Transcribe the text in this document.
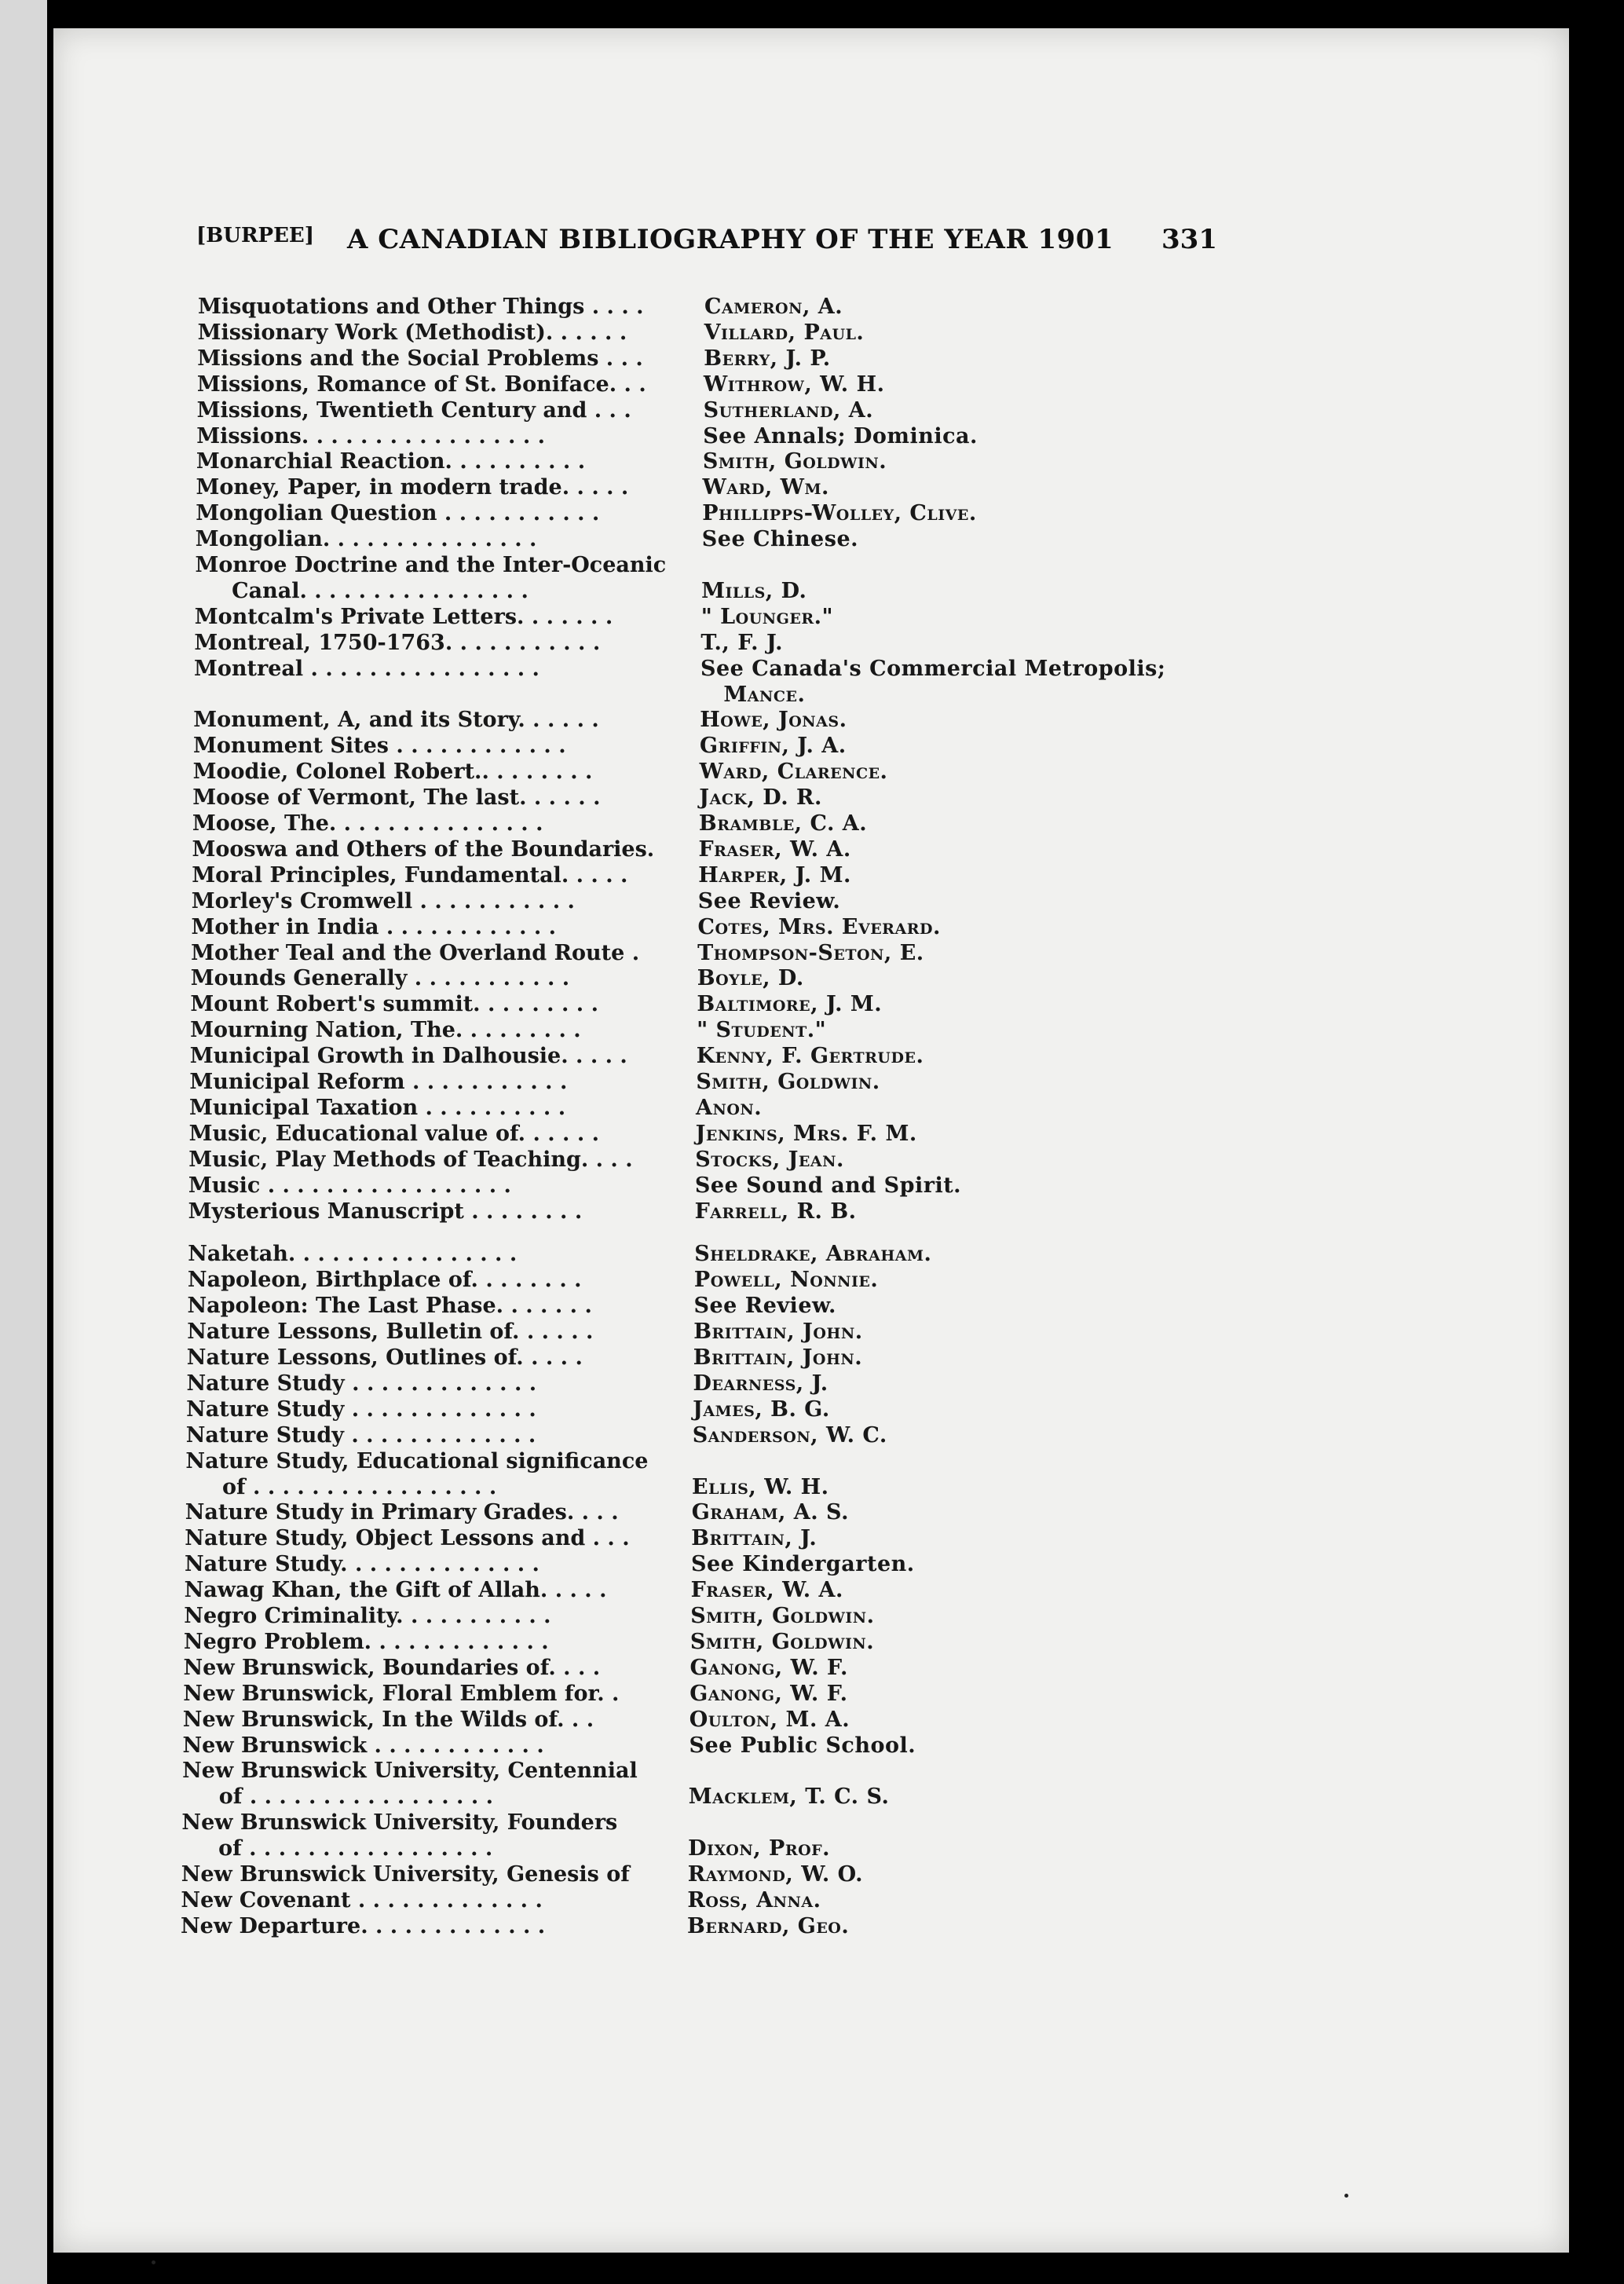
[BURPEE] A CANADIAN BIBLIOGRAPHY OF THE YEAR 1901 331
Misquotations and Other Things . . . .	Cameron, A.
Missionary Work (Methodist). . . . . .	Villard, Paul.
Missions and the Social Problems . . .	Berry, J. P.
Missions, Romance of St. Boniface. . .	Withrow, W. H.
Missions, Twentieth Century and . . .	Sutherland, A.
Missions. . . . . . . . . . . . . . . . .	See Annals; Dominica.
Monarchial Reaction. . . . . . . . . .	Smith, Goldwin.
Money, Paper, in modern trade. . . . .	Ward, Wm.
Mongolian Question . . . . . . . . . . .	Phillipps-Wolley, Clive.
Mongolian. . . . . . . . . . . . . . .	See Chinese.
Monroe Doctrine and the Inter-Oceanic
Canal. . . . . . . . . . . . . . . .	Mills, D.
Montcalm's Private Letters. . . . . . .	" Lounger."
Montreal, 1750-1763. . . . . . . . . . .	T., F. J.
Montreal . . . . . . . . . . . . . . . .	See Canada's Commercial Metropolis;
Mance.
Monument, A, and its Story. . . . . .	Howe, Jonas.
Monument Sites . . . . . . . . . . . .	Griffin, J. A.
Moodie, Colonel Robert.. . . . . . . .	Ward, Clarence.
Moose of Vermont, The last. . . . . .	Jack, D. R.
Moose, The. . . . . . . . . . . . . . .	Bramble, C. A.
Mooswa and Others of the Boundaries. Fraser, W. A.
Moral Principles, Fundamental. . . . .	Harper, J. M.
Morley's Cromwell . . . . . . . . . . .	See Review.
Mother in India . . . . . . . . . . . .	Cotes, Mrs. Everard.
Mother Teal and the Overland Route .	Thompson-Seton, E.
Mounds Generally . . . . . . . . . . .	Boyle, D.
Mount Robert's summit. . . . . . . . .	Baltimore, J. M.
Mourning Nation, The. . . . . . . . .	" Student."
Municipal Growth in Dalhousie. . . . .	Kenny, F. Gertrude.
Municipal Reform . . . . . . . . . . .	Smith, Goldwin.
Municipal Taxation . . . . . . . . . .	Anon.
Music, Educational value of. . . . . .	Jenkins, Mrs. F. M.
Music, Play Methods of Teaching. . . .	Stocks, Jean.
Music . . . . . . . . . . . . . . . . .	See Sound and Spirit.
Mysterious Manuscript . . . . . . . .	Farrell, R. B.
Naketah. . . . . . . . . . . . . . . .	Sheldrake, Abraham.
Napoleon, Birthplace of. . . . . . . .	Powell, Nonnie.
Napoleon: The Last Phase. . . . . . .	See Review.
Nature Lessons, Bulletin of. . . . . .	Brittain, John.
Nature Lessons, Outlines of. . . . .	Brittain, John.
Nature Study . . . . . . . . . . . . .	Dearness, J.
Nature Study . . . . . . . . . . . . .	James, B. G.
Nature Study . . . . . . . . . . . . .	Sanderson, W. C.
Nature Study, Educational significance
of . . . . . . . . . . . . . . . . .	Ellis, W. H.
Nature Study in Primary Grades. . . .	Graham, A. S.
Nature Study, Object Lessons and . . .	Brittain, J.
Nature Study. . . . . . . . . . . . . .	See Kindergarten.
Nawag Khan, the Gift of Allah. . . . .	Fraser, W. A.
Negro Criminality. . . . . . . . . . .	Smith, Goldwin.
Negro Problem. . . . . . . . . . . . .	Smith, Goldwin.
New Brunswick, Boundaries of. . . .	Ganong, W. F.
New Brunswick, Floral Emblem for. .	Ganong, W. F.
New Brunswick, In the Wilds of. . .	Oulton, M. A.
New Brunswick . . . . . . . . . . . .	See Public School.
New Brunswick University, Centennial
of . . . . . . . . . . . . . . . . .	Macklem, T. C. S.
New Brunswick University, Founders
of . . . . . . . . . . . . . . . . .	Dixon, Prof.
New Brunswick University, Genesis of	Raymond, W. O.
New Covenant . . . . . . . . . . . . .	Ross, Anna.
New Departure. . . . . . . . . . . . .	Bernard, Geo.
